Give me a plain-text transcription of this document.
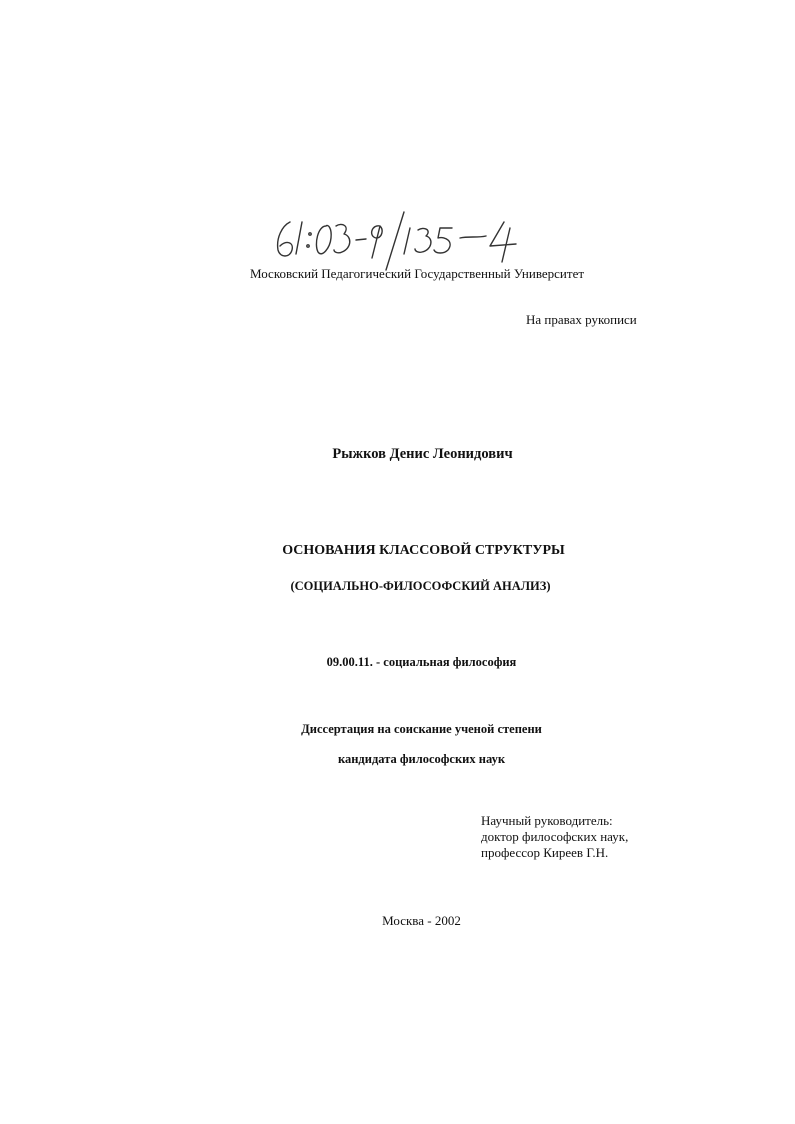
Московский Педагогический Государственный Университет
На правах рукописи
Рыжков Денис Леонидович
ОСНОВАНИЯ КЛАССОВОЙ СТРУКТУРЫ
(СОЦИАЛЬНО-ФИЛОСОФСКИЙ АНАЛИЗ)
09.00.11. - социальная философия
Диссертация на соискание ученой степени
кандидата философских наук
Научный руководитель:
доктор философских наук,
профессор Киреев Г.Н.
Москва - 2002
